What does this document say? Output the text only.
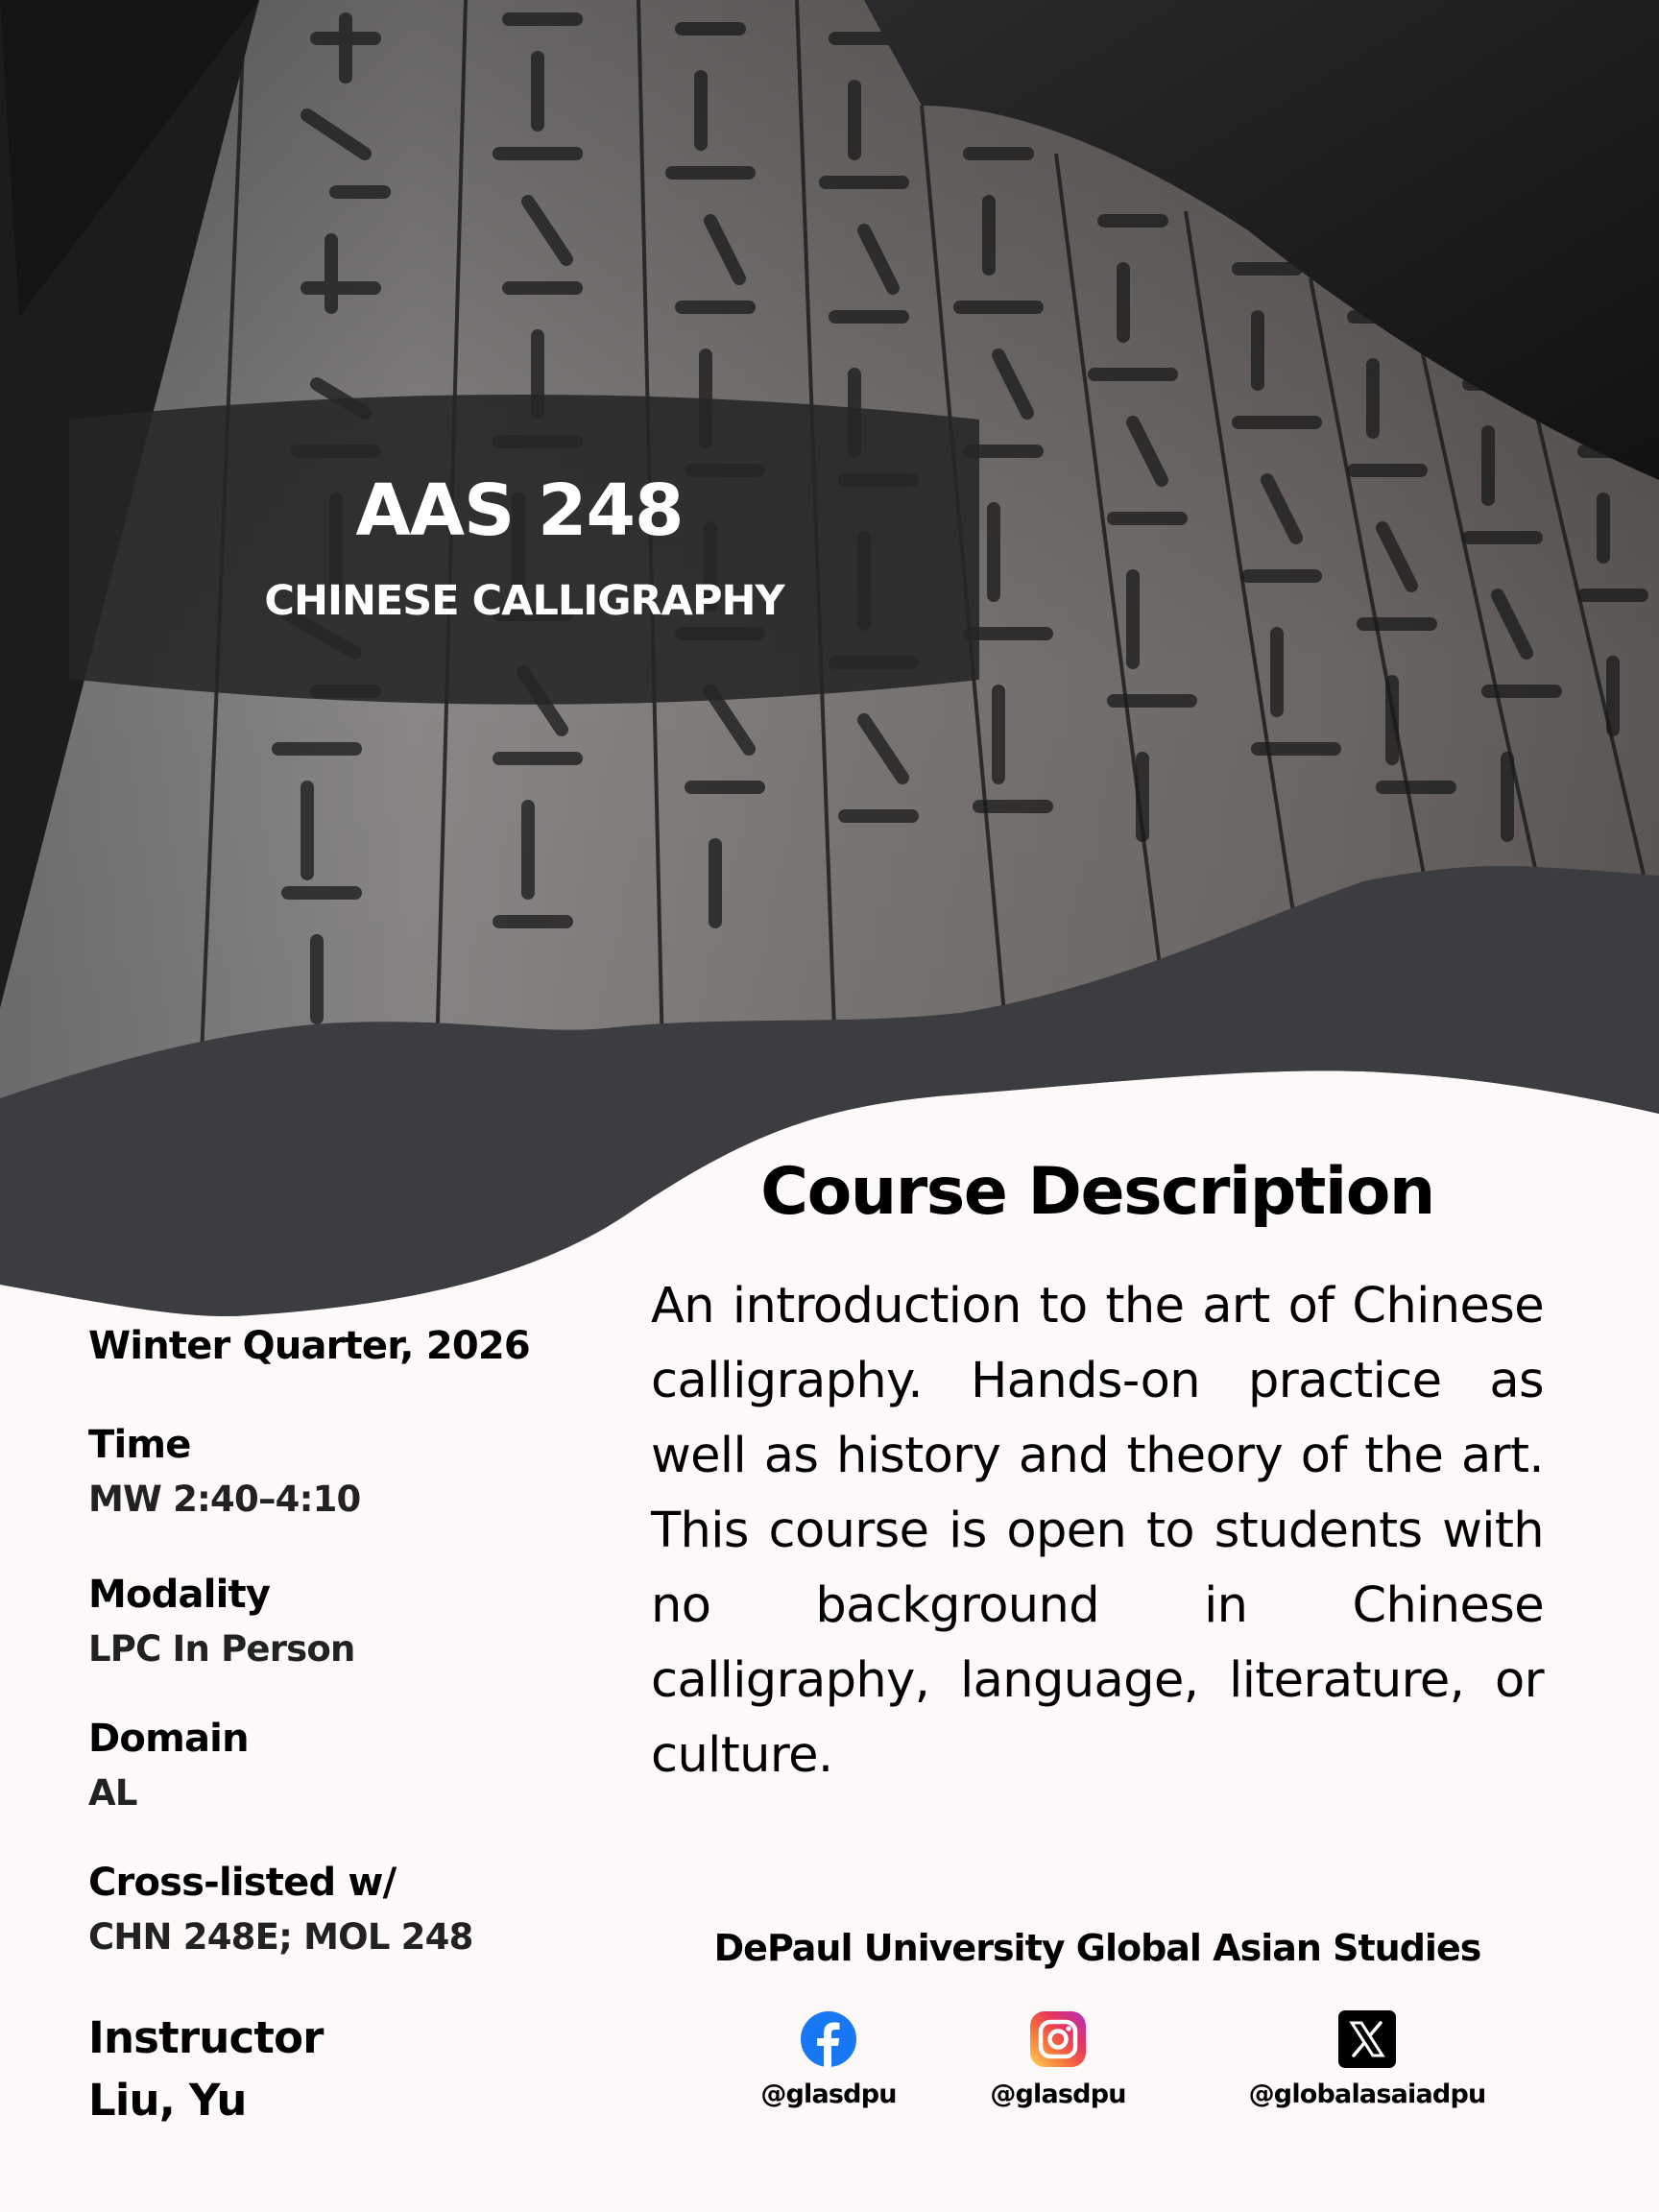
AAS 248
CHINESE CALLIGRAPHY
Winter Quarter, 2026
Time
MW 2:40–4:10
Modality
LPC In Person
Domain
AL
Cross-listed w/
CHN 248E; MOL 248
Instructor
Liu, Yu
Course Description

An introduction to the art of Chinese calligraphy. Hands-on practice as well as history and theory of the art. This course is open to students with no background in Chinese calligraphy, language, literature, or culture.

DePaul University Global Asian Studies
@glasdpu	@glasdpu	@globalasaiadpu
